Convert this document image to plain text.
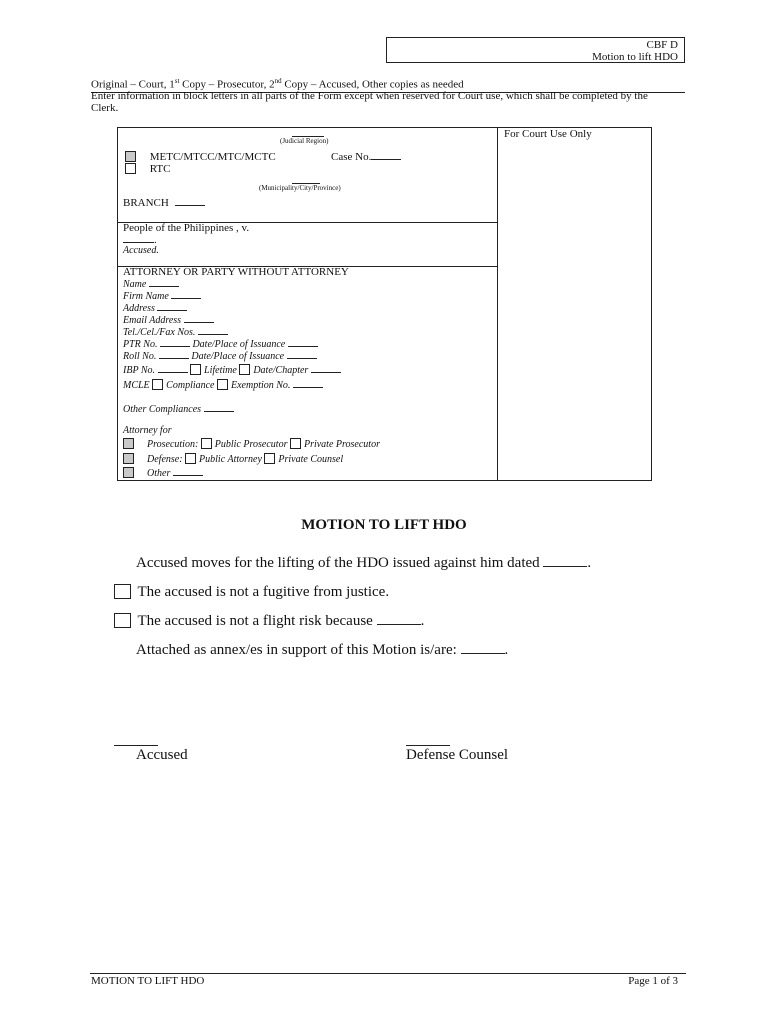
CBF D
Motion to lift HDO
Original – Court, 1st Copy – Prosecutor, 2nd Copy – Accused, Other copies as needed
Enter information in block letters in all parts of the Form except when reserved for Court use, which shall be completed by the Clerk.
For Court Use Only
(Judicial Region)
METC/MTCC/MTC/MCTC	Case No.
RTC
(Municipality/City/Province)
BRANCH
People of the Philippines , v.
.
Accused.
ATTORNEY OR PARTY WITHOUT ATTORNEY
Name
Firm Name
Address
Email Address
Tel./Cel./Fax Nos.
PTR No.	Date/Place of Issuance
Roll No.	Date/Place of Issuance
IBP No.	Lifetime Date/Chapter
MCLE Compliance Exemption No.
Other Compliances
Attorney for
Prosecution: Public Prosecutor Private Prosecutor
Defense: Public Attorney Private Counsel
Other
MOTION TO LIFT HDO
Accused moves for the lifting of the HDO issued against him dated	.
The accused is not a fugitive from justice.
The accused is not a flight risk because	.
Attached as annex/es in support of this Motion is/are:	.
Accused	Defense Counsel
MOTION TO LIFT HDO	Page 1 of 3
